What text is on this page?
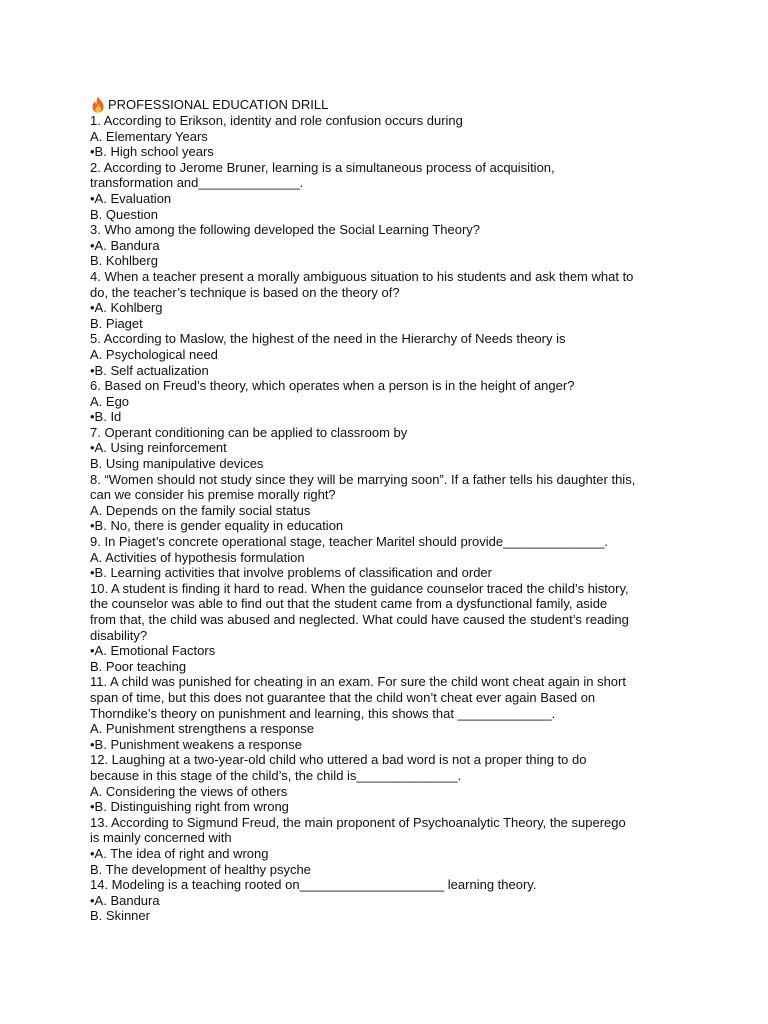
PROFESSIONAL EDUCATION DRILL
1. According to Erikson, identity and role confusion occurs during
A. Elementary Years
•B. High school years
2. According to Jerome Bruner, learning is a simultaneous process of acquisition,
transformation and______________.
•A. Evaluation
B. Question
3. Who among the following developed the Social Learning Theory?
•A. Bandura
B. Kohlberg
4. When a teacher present a morally ambiguous situation to his students and ask them what to
do, the teacher’s technique is based on the theory of?
•A. Kohlberg
B. Piaget
5. According to Maslow, the highest of the need in the Hierarchy of Needs theory is
A. Psychological need
•B. Self actualization
6. Based on Freud’s theory, which operates when a person is in the height of anger?
A. Ego
•B. Id
7. Operant conditioning can be applied to classroom by
•A. Using reinforcement
B. Using manipulative devices
8. “Women should not study since they will be marrying soon”. If a father tells his daughter this,
can we consider his premise morally right?
A. Depends on the family social status
•B. No, there is gender equality in education
9. In Piaget’s concrete operational stage, teacher Maritel should provide______________.
A. Activities of hypothesis formulation
•B. Learning activities that involve problems of classification and order
10. A student is finding it hard to read. When the guidance counselor traced the child’s history,
the counselor was able to find out that the student came from a dysfunctional family, aside
from that, the child was abused and neglected. What could have caused the student’s reading
disability?
•A. Emotional Factors
B. Poor teaching
11. A child was punished for cheating in an exam. For sure the child wont cheat again in short
span of time, but this does not guarantee that the child won’t cheat ever again Based on
Thorndike’s theory on punishment and learning, this shows that _____________.
A. Punishment strengthens a response
•B. Punishment weakens a response
12. Laughing at a two-year-old child who uttered a bad word is not a proper thing to do
because in this stage of the child’s, the child is______________.
A. Considering the views of others
•B. Distinguishing right from wrong
13. According to Sigmund Freud, the main proponent of Psychoanalytic Theory, the superego
is mainly concerned with
•A. The idea of right and wrong
B. The development of healthy psyche
14. Modeling is a teaching rooted on____________________ learning theory.
•A. Bandura
B. Skinner
